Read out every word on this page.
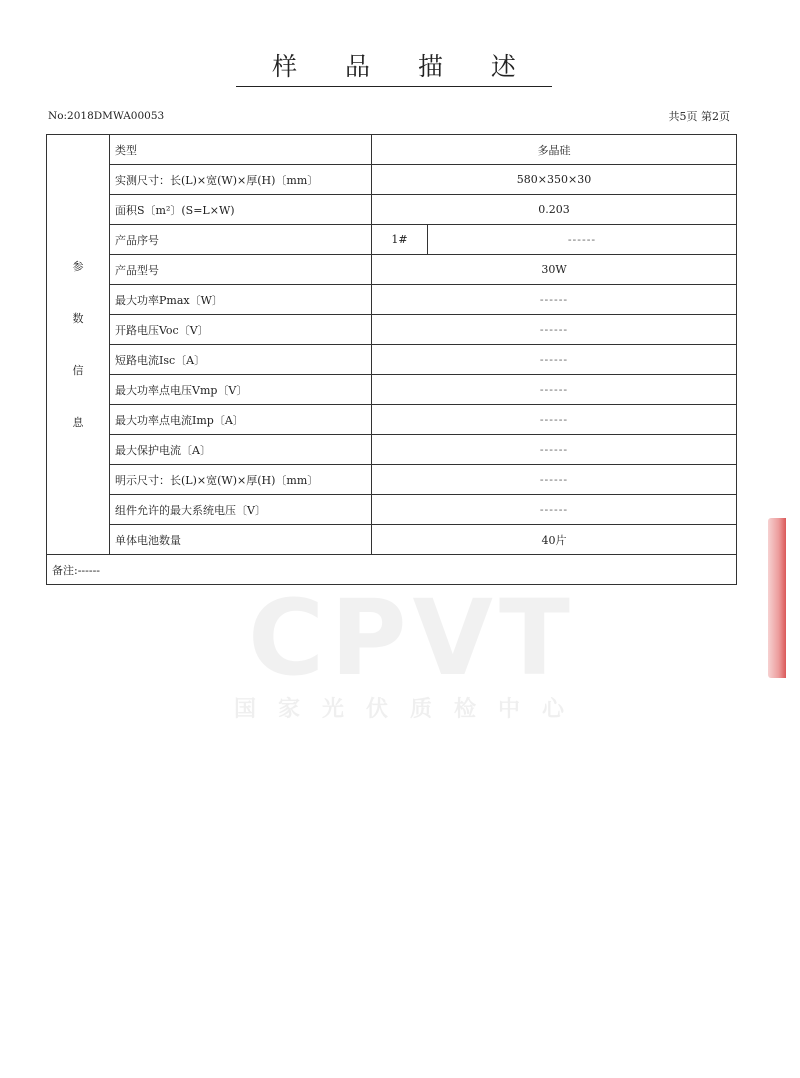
CPVT
国家光伏质检中心
样 品 描 述
No:2018DMWA00053	共5页 第2页
参
数
信
息	类型	多晶硅	
	实测尺寸：长(L)×宽(W)×厚(H)〔mm〕	580×350×30	
	面积S〔m²〕(S=L×W)	0.203	
	产品序号	1#	------
	产品型号	30W	
	最大功率Pmax〔W〕	------	
	开路电压Voc〔V〕	------	
	短路电流Isc〔A〕	------	
	最大功率点电压Vmp〔V〕	------	
	最大功率点电流Imp〔A〕	------	
	最大保护电流〔A〕	------	
	明示尺寸：长(L)×宽(W)×厚(H)〔mm〕	------	
	组件允许的最大系统电压〔V〕	------	
	单体电池数量	40片	
备注:------			
